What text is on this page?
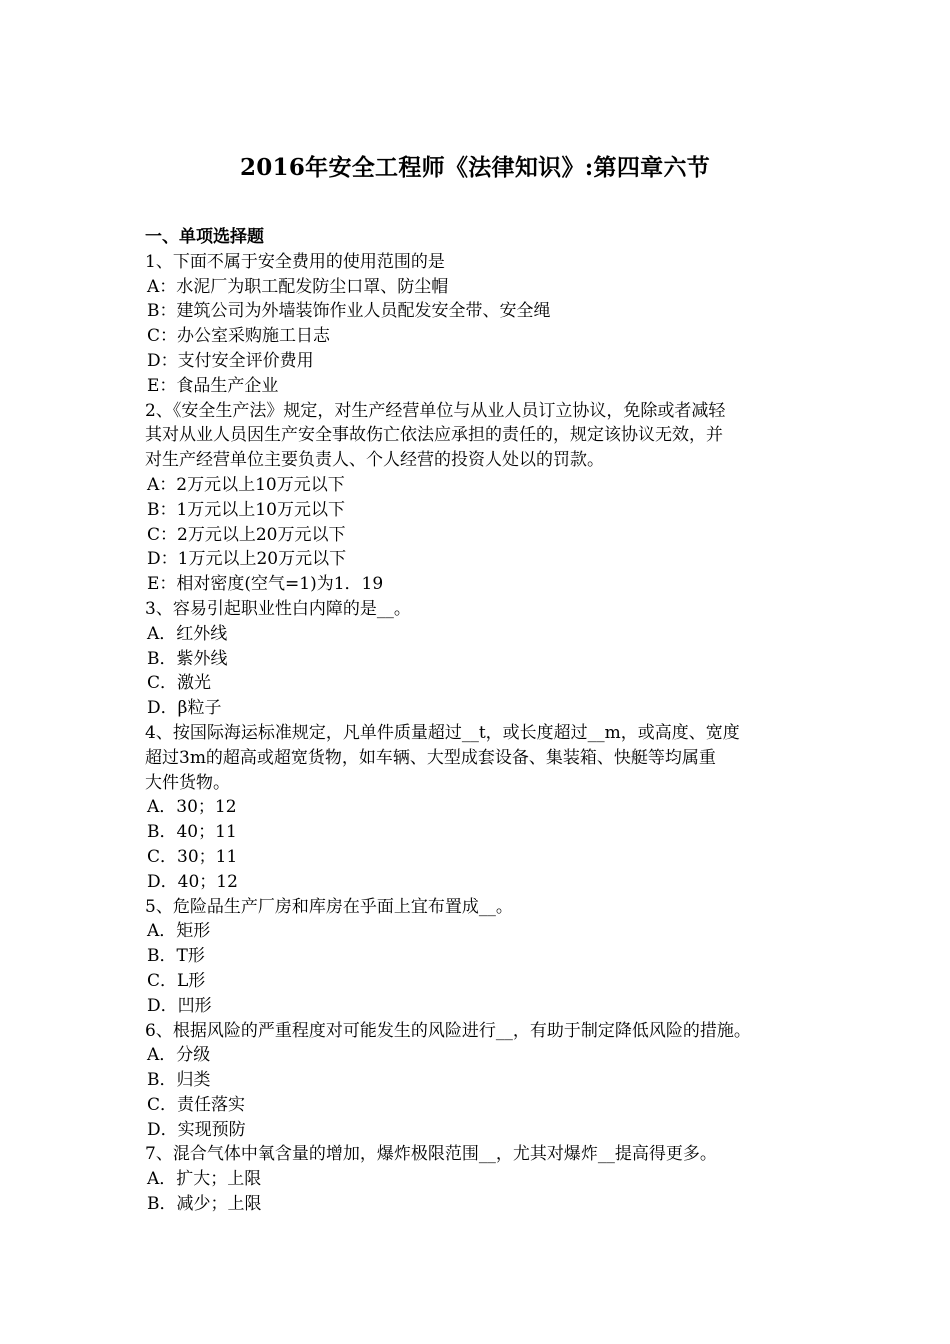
2016年安全工程师《法律知识》:第四章六节
一、单项选择题
1、下面不属于安全费用的使用范围的是
A：水泥厂为职工配发防尘口罩、防尘帽
B：建筑公司为外墙装饰作业人员配发安全带、安全绳
C：办公室采购施工日志
D：支付安全评价费用
E：食品生产企业
2、《安全生产法》规定，对生产经营单位与从业人员订立协议，免除或者减轻
其对从业人员因生产安全事故伤亡依法应承担的责任的，规定该协议无效，并
对生产经营单位主要负责人、个人经营的投资人处以的罚款。
A：2万元以上10万元以下
B：1万元以上10万元以下
C：2万元以上20万元以下
D：1万元以上20万元以下
E：相对密度(空气=1)为1．19
3、容易引起职业性白内障的是__。
A．红外线
B．紫外线
C．激光
D．β粒子
4、按国际海运标准规定，凡单件质量超过__t，或长度超过__m，或高度、宽度
超过3m的超高或超宽货物，如车辆、大型成套设备、集装箱、快艇等均属重
大件货物。
A．30；12
B．40；11
C．30；11
D．40；12
5、危险品生产厂房和库房在乎面上宜布置成__。
A．矩形
B．T形
C．L形
D．凹形
6、根据风险的严重程度对可能发生的风险进行__，有助于制定降低风险的措施。
A．分级
B．归类
C．责任落实
D．实现预防
7、混合气体中氧含量的增加，爆炸极限范围__，尤其对爆炸__提高得更多。
A．扩大；上限
B．减少；上限
